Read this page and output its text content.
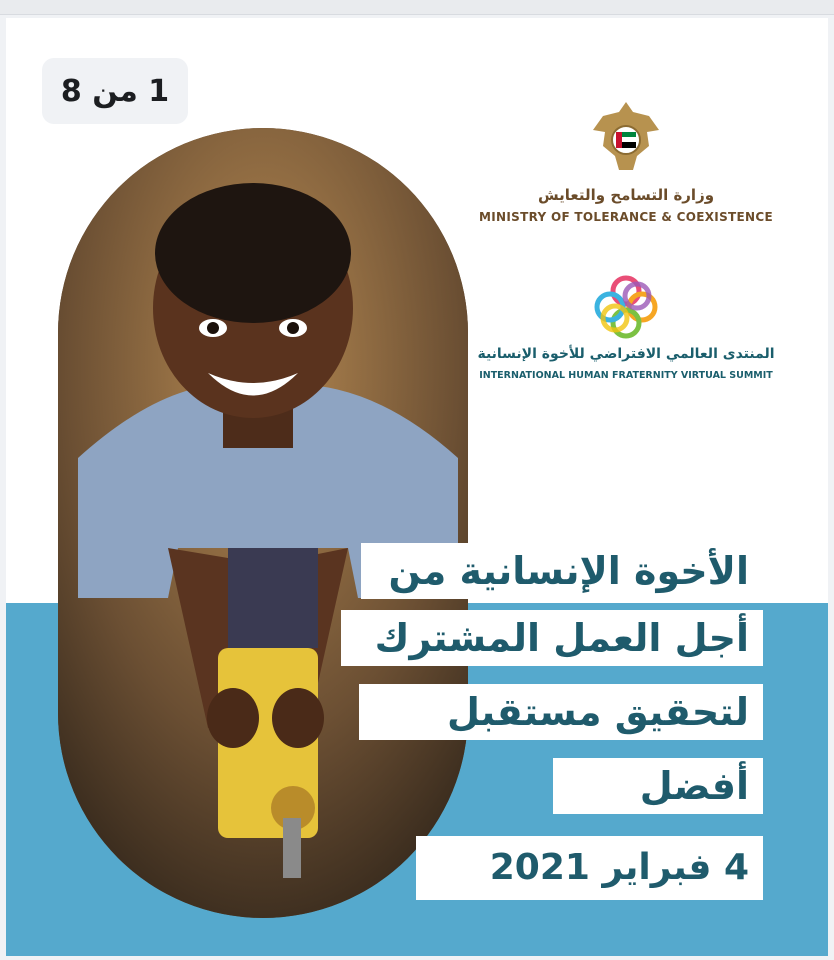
1 من 8
وزارة التسامح والتعايش
MINISTRY OF TOLERANCE & COEXISTENCE
المنتدى العالمي الافتراضي للأخوة الإنسانية
INTERNATIONAL HUMAN FRATERNITY VIRTUAL SUMMIT
الأخوة الإنسانية من
أجل العمل المشترك
لتحقيق مستقبل
أفضل
4 فبراير 2021
